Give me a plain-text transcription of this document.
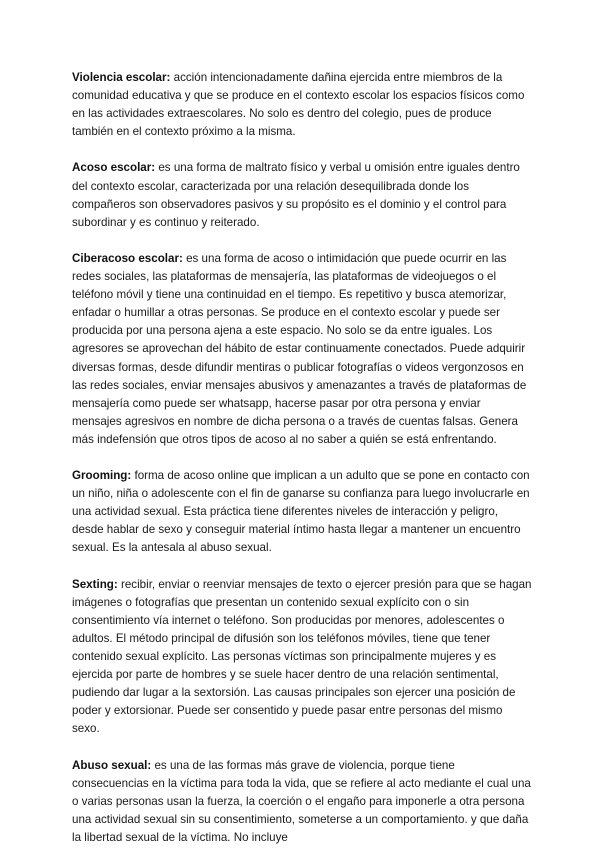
Violencia escolar: acción intencionadamente dañina ejercida entre miembros de la comunidad educativa y que se produce en el contexto escolar los espacios físicos como en las actividades extraescolares. No solo es dentro del colegio, pues de produce también en el contexto próximo a la misma.

Acoso escolar: es una forma de maltrato físico y verbal u omisión entre iguales dentro del contexto escolar, caracterizada por una relación desequilibrada donde los compañeros son observadores pasivos y su propósito es el dominio y el control para subordinar y es continuo y reiterado.

Ciberacoso escolar: es una forma de acoso o intimidación que puede ocurrir en las redes sociales, las plataformas de mensajería, las plataformas de videojuegos o el teléfono móvil y tiene una continuidad en el tiempo. Es repetitivo y busca atemorizar, enfadar o humillar a otras personas. Se produce en el contexto escolar y puede ser producida por una persona ajena a este espacio. No solo se da entre iguales. Los agresores se aprovechan del hábito de estar continuamente conectados. Puede adquirir diversas formas, desde difundir mentiras o publicar fotografías o videos vergonzosos en las redes sociales, enviar mensajes abusivos y amenazantes a través de plataformas de mensajería como puede ser whatsapp, hacerse pasar por otra persona y enviar mensajes agresivos en nombre de dicha persona o a través de cuentas falsas. Genera más indefensión que otros tipos de acoso al no saber a quién se está enfrentando.

Grooming: forma de acoso online que implican a un adulto que se pone en contacto con un niño, niña o adolescente con el fin de ganarse su confianza para luego involucrarle en una actividad sexual. Esta práctica tiene diferentes niveles de interacción y peligro, desde hablar de sexo y conseguir material íntimo hasta llegar a mantener un encuentro sexual. Es la antesala al abuso sexual.

Sexting: recibir, enviar o reenviar mensajes de texto o ejercer presión para que se hagan imágenes o fotografías que presentan un contenido sexual explícito con o sin consentimiento vía internet o teléfono. Son producidas por menores, adolescentes o adultos. El método principal de difusión son los teléfonos móviles, tiene que tener contenido sexual explícito. Las personas víctimas son principalmente mujeres y es ejercida por parte de hombres y se suele hacer dentro de una relación sentimental, pudiendo dar lugar a la sextorsión. Las causas principales son ejercer una posición de poder y extorsionar. Puede ser consentido y puede pasar entre personas del mismo sexo.

Abuso sexual: es una de las formas más grave de violencia, porque tiene consecuencias en la víctima para toda la vida, que se refiere al acto mediante el cual una o varias personas usan la fuerza, la coerción o el engaño para imponerle a otra persona una actividad sexual sin su consentimiento, someterse a un comportamiento. y que daña la libertad sexual de la víctima. No incluye
